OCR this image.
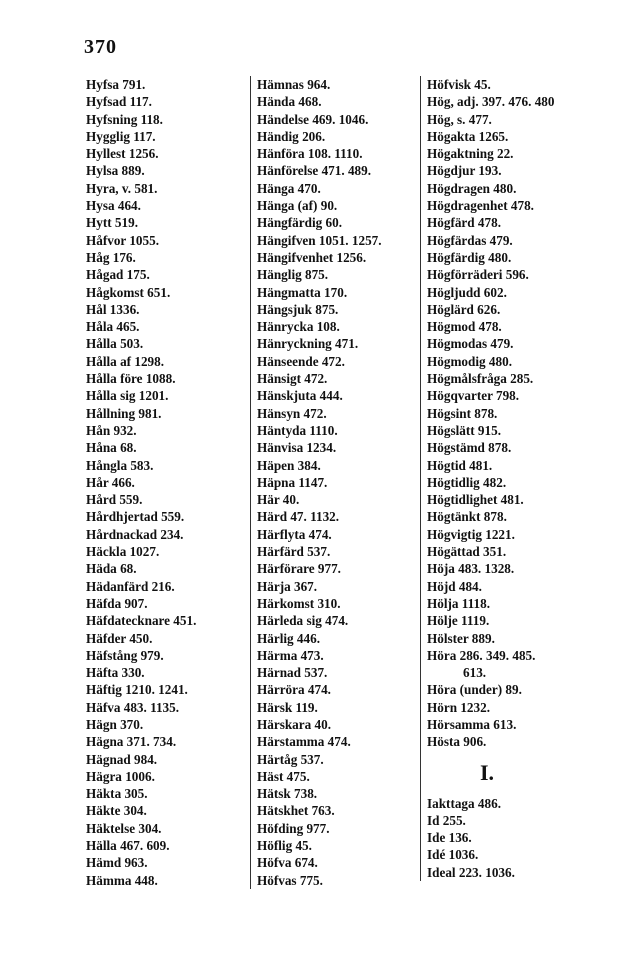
370
Hyfsa 791.
Hyfsad 117.
Hyfsning 118.
Hygglig 117.
Hyllest 1256.
Hylsa 889.
Hyra, v. 581.
Hysa 464.
Hytt 519.
Håfvor 1055.
Håg 176.
Hågad 175.
Hågkomst 651.
Hål 1336.
Håla 465.
Hålla 503.
Hålla af 1298.
Hålla före 1088.
Hålla sig 1201.
Hållning 981.
Hån 932.
Håna 68.
Hångla 583.
Hår 466.
Hård 559.
Hårdhjertad 559.
Hårdnackad 234.
Häckla 1027.
Häda 68.
Hädanfärd 216.
Häfda 907.
Häfdatecknare 451.
Häfder 450.
Häfstång 979.
Häfta 330.
Häftig 1210. 1241.
Häfva 483. 1135.
Hägn 370.
Hägna 371. 734.
Hägnad 984.
Hägra 1006.
Häkta 305.
Häkte 304.
Häktelse 304.
Hälla 467. 609.
Hämd 963.
Hämma 448.
Hämnas 964.
Hända 468.
Händelse 469. 1046.
Händig 206.
Hänföra 108. 1110.
Hänförelse 471. 489.
Hänga 470.
Hänga (af) 90.
Hängfärdig 60.
Hängifven 1051. 1257.
Hängifvenhet 1256.
Hänglig 875.
Hängmatta 170.
Hängsjuk 875.
Hänrycka 108.
Hänryckning 471.
Hänseende 472.
Hänsigt 472.
Hänskjuta 444.
Hänsyn 472.
Häntyda 1110.
Hänvisa 1234.
Häpen 384.
Häpna 1147.
Här 40.
Härd 47. 1132.
Härflyta 474.
Härfärd 537.
Härförare 977.
Härja 367.
Härkomst 310.
Härleda sig 474.
Härlig 446.
Härma 473.
Härnad 537.
Härröra 474.
Härsk 119.
Härskara 40.
Härstamma 474.
Härtåg 537.
Häst 475.
Hätsk 738.
Hätskhet 763.
Höfding 977.
Höflig 45.
Höfva 674.
Höfvas 775.
Höfvisk 45.
Hög, adj. 397. 476. 480
Hög, s. 477.
Högakta 1265.
Högaktning 22.
Högdjur 193.
Högdragen 480.
Högdragenhet 478.
Högfärd 478.
Högfärdas 479.
Högfärdig 480.
Högförräderi 596.
Högljudd 602.
Höglärd 626.
Högmod 478.
Högmodas 479.
Högmodig 480.
Högmålsfråga 285.
Högqvarter 798.
Högsint 878.
Högslätt 915.
Högstämd 878.
Högtid 481.
Högtidlig 482.
Högtidlighet 481.
Högtänkt 878.
Högvigtig 1221.
Högättad 351.
Höja 483. 1328.
Höjd 484.
Hölja 1118.
Hölje 1119.
Hölster 889.
Höra 286. 349. 485.
613.
Höra (under) 89.
Hörn 1232.
Hörsamma 613.
Hösta 906.
I.
Iakttaga 486.
Id 255.
Ide 136.
Idé 1036.
Ideal 223. 1036.
